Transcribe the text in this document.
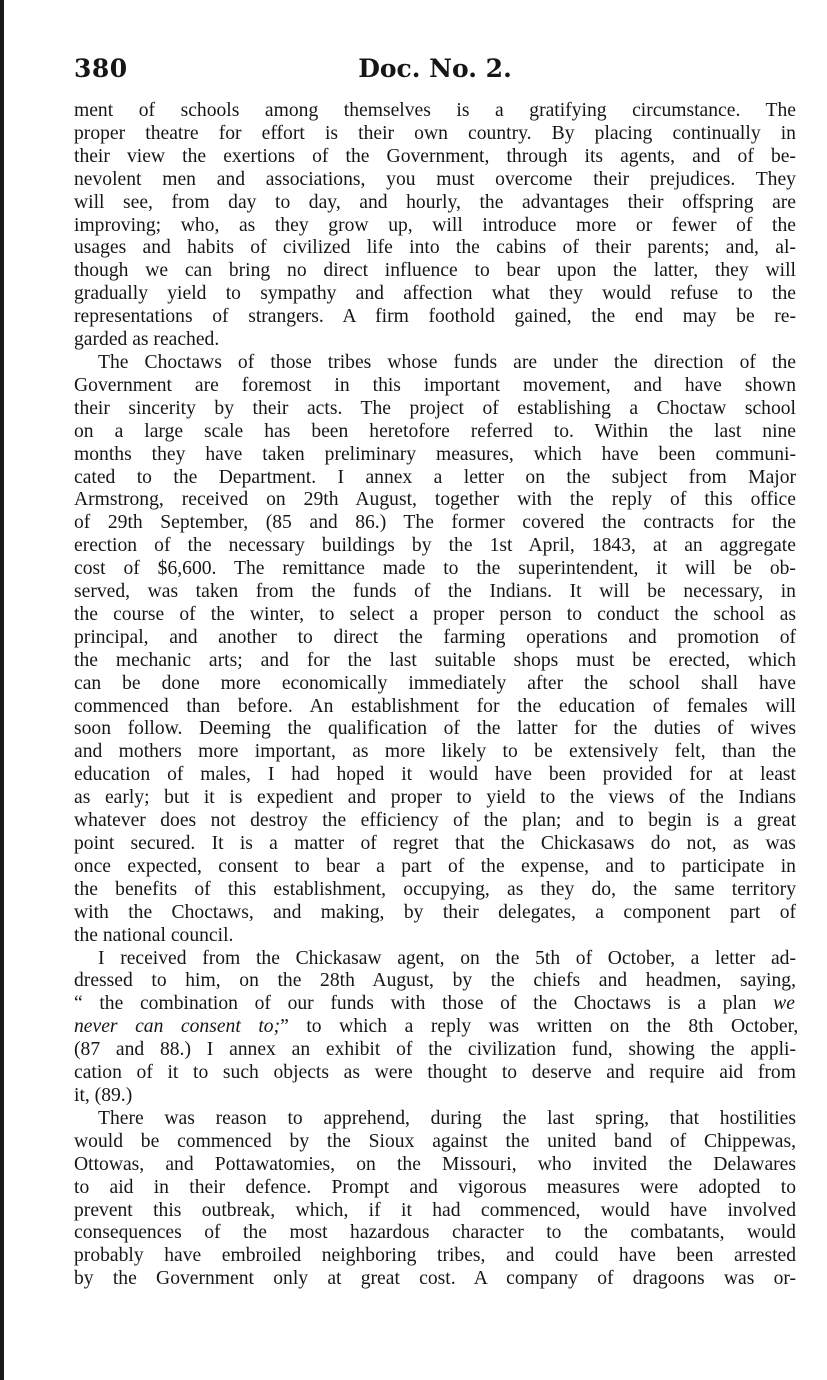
380	Doc. No. 2.
ment of schools among themselves is a gratifying circumstance. The
proper theatre for effort is their own country. By placing continually in
their view the exertions of the Government, through its agents, and of be-
nevolent men and associations, you must overcome their prejudices. They
will see, from day to day, and hourly, the advantages their offspring are
improving; who, as they grow up, will introduce more or fewer of the
usages and habits of civilized life into the cabins of their parents; and, al-
though we can bring no direct influence to bear upon the latter, they will
gradually yield to sympathy and affection what they would refuse to the
representations of strangers. A firm foothold gained, the end may be re-
garded as reached.
The Choctaws of those tribes whose funds are under the direction of the
Government are foremost in this important movement, and have shown
their sincerity by their acts. The project of establishing a Choctaw school
on a large scale has been heretofore referred to. Within the last nine
months they have taken preliminary measures, which have been communi-
cated to the Department. I annex a letter on the subject from Major
Armstrong, received on 29th August, together with the reply of this office
of 29th September, (85 and 86.) The former covered the contracts for the
erection of the necessary buildings by the 1st April, 1843, at an aggregate
cost of $6,600. The remittance made to the superintendent, it will be ob-
served, was taken from the funds of the Indians. It will be necessary, in
the course of the winter, to select a proper person to conduct the school as
principal, and another to direct the farming operations and promotion of
the mechanic arts; and for the last suitable shops must be erected, which
can be done more economically immediately after the school shall have
commenced than before. An establishment for the education of females will
soon follow. Deeming the qualification of the latter for the duties of wives
and mothers more important, as more likely to be extensively felt, than the
education of males, I had hoped it would have been provided for at least
as early; but it is expedient and proper to yield to the views of the Indians
whatever does not destroy the efficiency of the plan; and to begin is a great
point secured. It is a matter of regret that the Chickasaws do not, as was
once expected, consent to bear a part of the expense, and to participate in
the benefits of this establishment, occupying, as they do, the same territory
with the Choctaws, and making, by their delegates, a component part of
the national council.
I received from the Chickasaw agent, on the 5th of October, a letter ad-
dressed to him, on the 28th August, by the chiefs and headmen, saying,
“ the combination of our funds with those of the Choctaws is a plan we
never can consent to;” to which a reply was written on the 8th October,
(87 and 88.) I annex an exhibit of the civilization fund, showing the appli-
cation of it to such objects as were thought to deserve and require aid from
it, (89.)
There was reason to apprehend, during the last spring, that hostilities
would be commenced by the Sioux against the united band of Chippewas,
Ottowas, and Pottawatomies, on the Missouri, who invited the Delawares
to aid in their defence. Prompt and vigorous measures were adopted to
prevent this outbreak, which, if it had commenced, would have involved
consequences of the most hazardous character to the combatants, would
probably have embroiled neighboring tribes, and could have been arrested
by the Government only at great cost. A company of dragoons was or-
